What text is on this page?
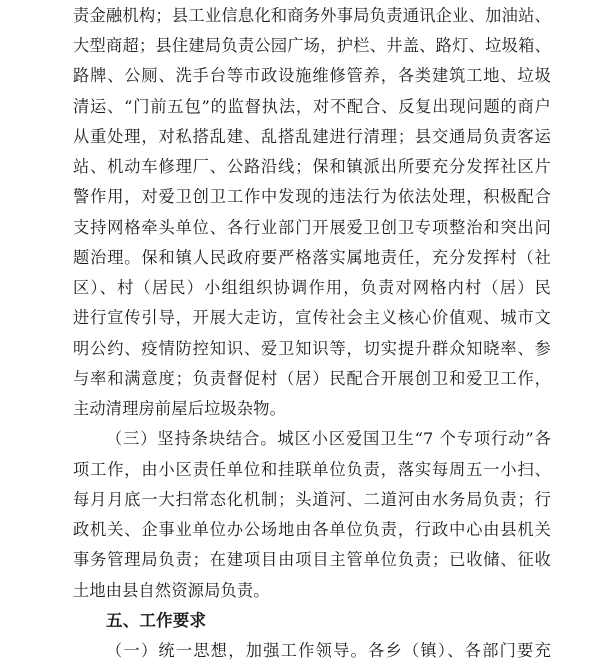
责金融机构；县工业信息化和商务外事局负责通讯企业、加油站、
大型商超；县住建局负责公园广场，护栏、井盖、路灯、垃圾箱、
路牌、公厕、洗手台等市政设施维修管养，各类建筑工地、垃圾
清运、“门前五包”的监督执法，对不配合、反复出现问题的商户
从重处理，对私搭乱建、乱搭乱建进行清理；县交通局负责客运
站、机动车修理厂、公路沿线；保和镇派出所要充分发挥社区片
警作用，对爱卫创卫工作中发现的违法行为依法处理，积极配合
支持网格牵头单位、各行业部门开展爱卫创卫专项整治和突出问
题治理。保和镇人民政府要严格落实属地责任，充分发挥村（社
区）、村（居民）小组组织协调作用，负责对网格内村（居）民
进行宣传引导，开展大走访，宣传社会主义核心价值观、城市文
明公约、疫情防控知识、爱卫知识等，切实提升群众知晓率、参
与率和满意度；负责督促村（居）民配合开展创卫和爱卫工作，
主动清理房前屋后垃圾杂物。
（三）坚持条块结合。城区小区爱国卫生“7 个专项行动”各
项工作，由小区责任单位和挂联单位负责，落实每周五一小扫、
每月月底一大扫常态化机制；头道河、二道河由水务局负责；行
政机关、企事业单位办公场地由各单位负责，行政中心由县机关
事务管理局负责；在建项目由项目主管单位负责；已收储、征收
土地由县自然资源局负责。
五、工作要求
（一）统一思想，加强工作领导。各乡（镇）、各部门要充
